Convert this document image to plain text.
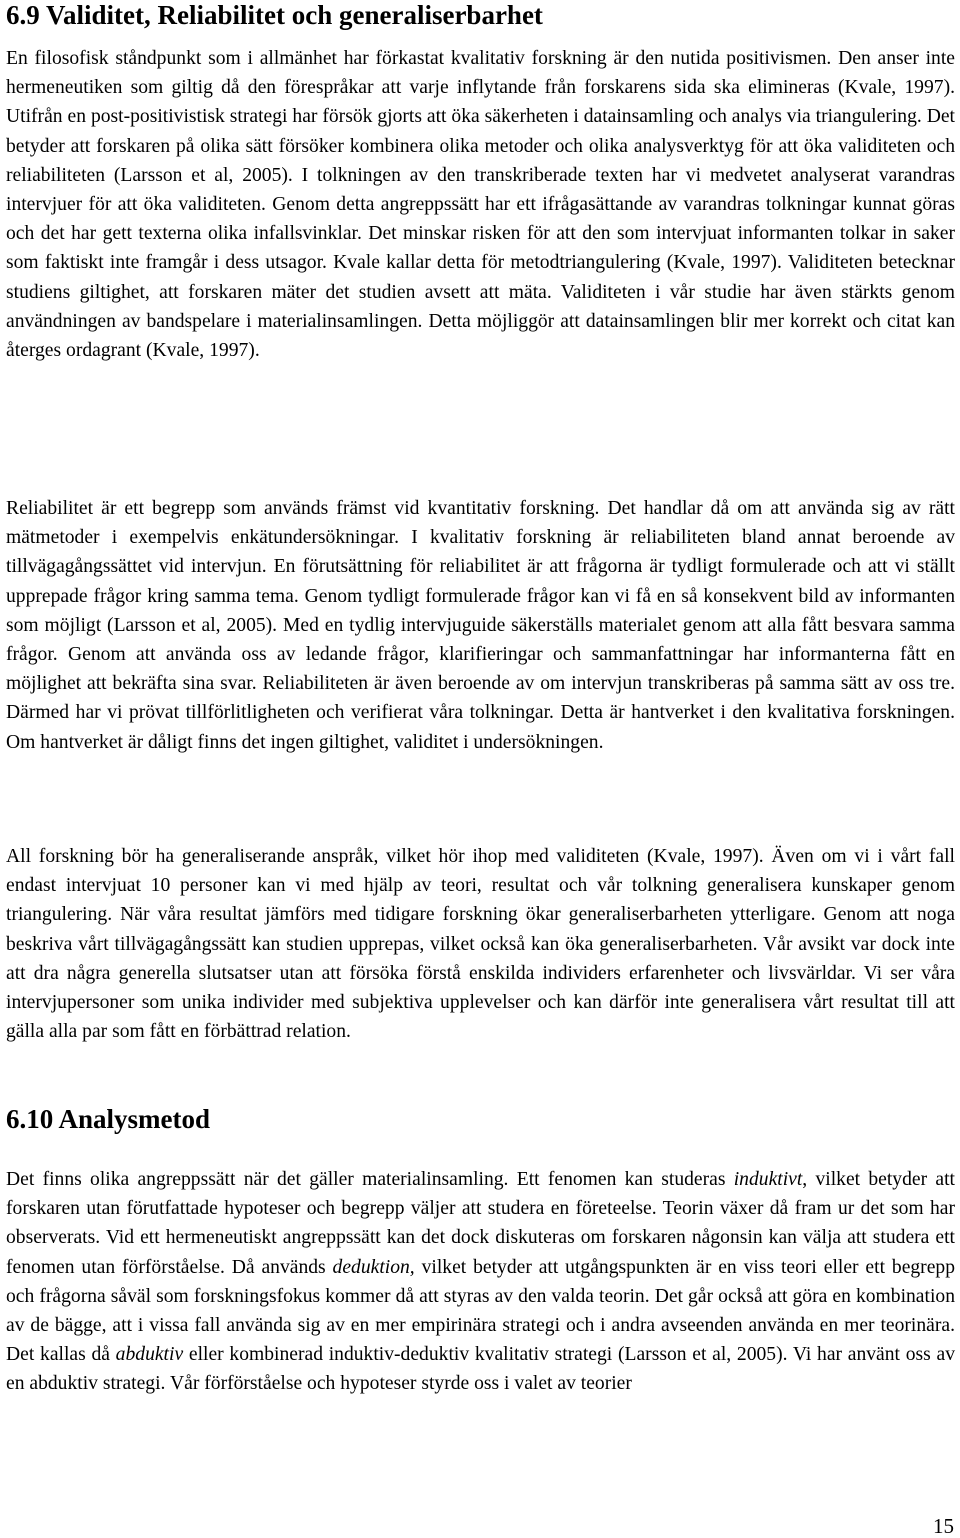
6.9 Validitet, Reliabilitet och generaliserbarhet

En filosofisk ståndpunkt som i allmänhet har förkastat kvalitativ forskning är den nutida positivismen. Den anser inte hermeneutiken som giltig då den förespråkar att varje inflytande från forskarens sida ska elimineras (Kvale, 1997). Utifrån en post-positivistisk strategi har försök gjorts att öka säkerheten i datainsamling och analys via triangulering. Det betyder att forskaren på olika sätt försöker kombinera olika metoder och olika analysverktyg för att öka validiteten och reliabiliteten (Larsson et al, 2005). I tolkningen av den transkriberade texten har vi medvetet analyserat varandras intervjuer för att öka validiteten. Genom detta angreppssätt har ett ifrågasättande av varandras tolkningar kunnat göras och det har gett texterna olika infallsvinklar. Det minskar risken för att den som intervjuat informanten tolkar in saker som faktiskt inte framgår i dess utsagor. Kvale kallar detta för metodtriangulering (Kvale, 1997). Validiteten betecknar studiens giltighet, att forskaren mäter det studien avsett att mäta. Validiteten i vår studie har även stärkts genom användningen av bandspelare i materialinsamlingen. Detta möjliggör att datainsamlingen blir mer korrekt och citat kan återges ordagrant (Kvale, 1997).

Reliabilitet är ett begrepp som används främst vid kvantitativ forskning. Det handlar då om att använda sig av rätt mätmetoder i exempelvis enkätundersökningar. I kvalitativ forskning är reliabiliteten bland annat beroende av tillvägagångssättet vid intervjun. En förutsättning för reliabilitet är att frågorna är tydligt formulerade och att vi ställt upprepade frågor kring samma tema. Genom tydligt formulerade frågor kan vi få en så konsekvent bild av informanten som möjligt (Larsson et al, 2005). Med en tydlig intervjuguide säkerställs materialet genom att alla fått besvara samma frågor. Genom att använda oss av ledande frågor, klarifieringar och sammanfattningar har informanterna fått en möjlighet att bekräfta sina svar. Reliabiliteten är även beroende av om intervjun transkriberas på samma sätt av oss tre. Därmed har vi prövat tillförlitligheten och verifierat våra tolkningar. Detta är hantverket i den kvalitativa forskningen. Om hantverket är dåligt finns det ingen giltighet, validitet i undersökningen.

All forskning bör ha generaliserande anspråk, vilket hör ihop med validiteten (Kvale, 1997). Även om vi i vårt fall endast intervjuat 10 personer kan vi med hjälp av teori, resultat och vår tolkning generalisera kunskaper genom triangulering. När våra resultat jämförs med tidigare forskning ökar generaliserbarheten ytterligare. Genom att noga beskriva vårt tillvägagångssätt kan studien upprepas, vilket också kan öka generaliserbarheten. Vår avsikt var dock inte att dra några generella slutsatser utan att försöka förstå enskilda individers erfarenheter och livsvärldar. Vi ser våra intervjupersoner som unika individer med subjektiva upplevelser och kan därför inte generalisera vårt resultat till att gälla alla par som fått en förbättrad relation.

6.10 Analysmetod

Det finns olika angreppssätt när det gäller materialinsamling. Ett fenomen kan studeras induktivt, vilket betyder att forskaren utan förutfattade hypoteser och begrepp väljer att studera en företeelse. Teorin växer då fram ur det som har observerats. Vid ett hermeneutiskt angreppssätt kan det dock diskuteras om forskaren någonsin kan välja att studera ett fenomen utan förförståelse. Då används deduktion, vilket betyder att utgångspunkten är en viss teori eller ett begrepp och frågorna såväl som forskningsfokus kommer då att styras av den valda teorin. Det går också att göra en kombination av de bägge, att i vissa fall använda sig av en mer empirinära strategi och i andra avseenden använda en mer teorinära. Det kallas då abduktiv eller kombinerad induktiv-deduktiv kvalitativ strategi (Larsson et al, 2005). Vi har använt oss av en abduktiv strategi. Vår förförståelse och hypoteser styrde oss i valet av teorier

15
